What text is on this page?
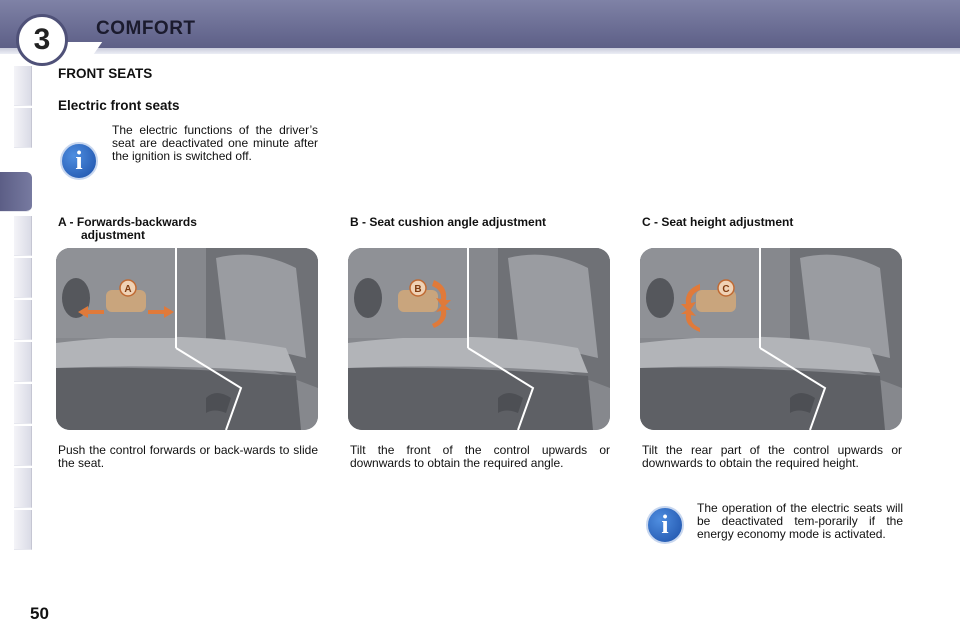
3 COMFORT
FRONT SEATS
Electric front seats
i
The electric functions of the driver’s seat are deactivated one minute after the ignition is switched off.
A - Forwards-backwards
adjustment
B - Seat cushion angle adjustment	C - Seat height adjustment
A	B	C
Push the control forwards or back-wards to slide the seat.
Tilt the front of the control upwards or downwards to obtain the required angle.
Tilt the rear part of the control upwards or downwards to obtain the required height.
i
The operation of the electric seats will be deactivated tem-porarily if the energy economy mode is activated.
50
